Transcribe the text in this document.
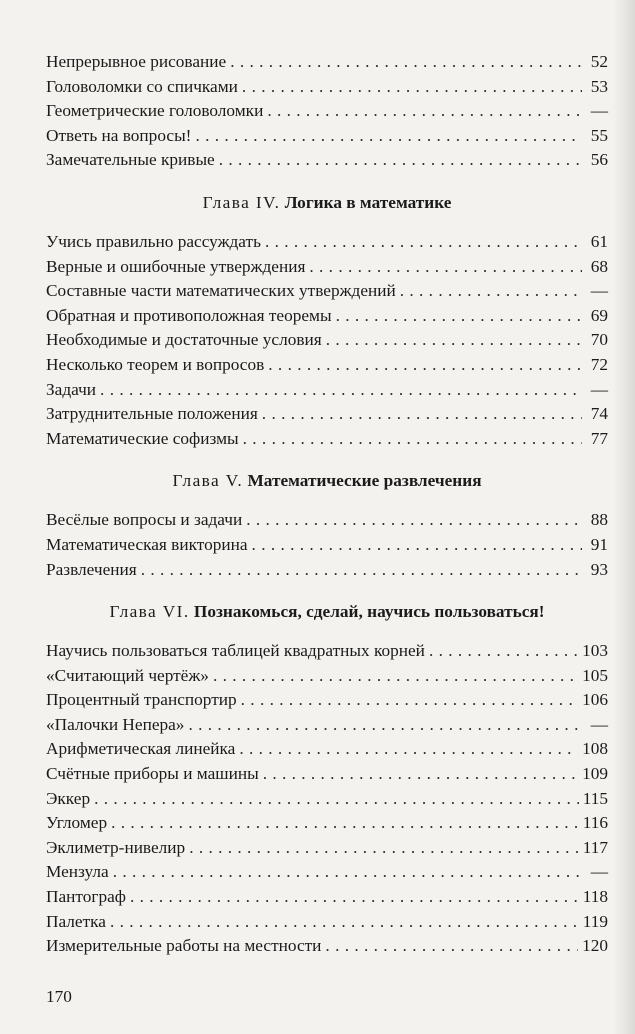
Непрерывное рисование . . .	52
Головоломки со спичками . . .	53
Геометрические головоломки . . .	—
Ответь на вопросы! . . .	55
Замечательные кривые . . .	56
Глава IV. Логика в математике
Учись правильно рассуждать . . .	61
Верные и ошибочные утверждения . . .	68
Составные части математических утверждений . . .	—
Обратная и противоположная теоремы . . .	69
Необходимые и достаточные условия . . .	70
Несколько теорем и вопросов . . .	72
Задачи . . .	—
Затруднительные положения . . .	74
Математические софизмы . . .	77
Глава V. Математические развлечения
Весёлые вопросы и задачи . . .	88
Математическая викторина . . .	91
Развлечения . . .	93
Глава VI. Познакомься, сделай, научись пользоваться!
Научись пользоваться таблицей квадратных корней . . .	103
«Считающий чертёж» . . .	105
Процентный транспортир . . .	106
«Палочки Непера» . . .	—
Арифметическая линейка . . .	108
Счётные приборы и машины . . .	109
Эккер . . .	115
Угломер . . .	116
Эклиметр-нивелир . . .	117
Мензула . . .	—
Пантограф . . .	118
Палетка . . .	119
Измерительные работы на местности . . .	120
170
